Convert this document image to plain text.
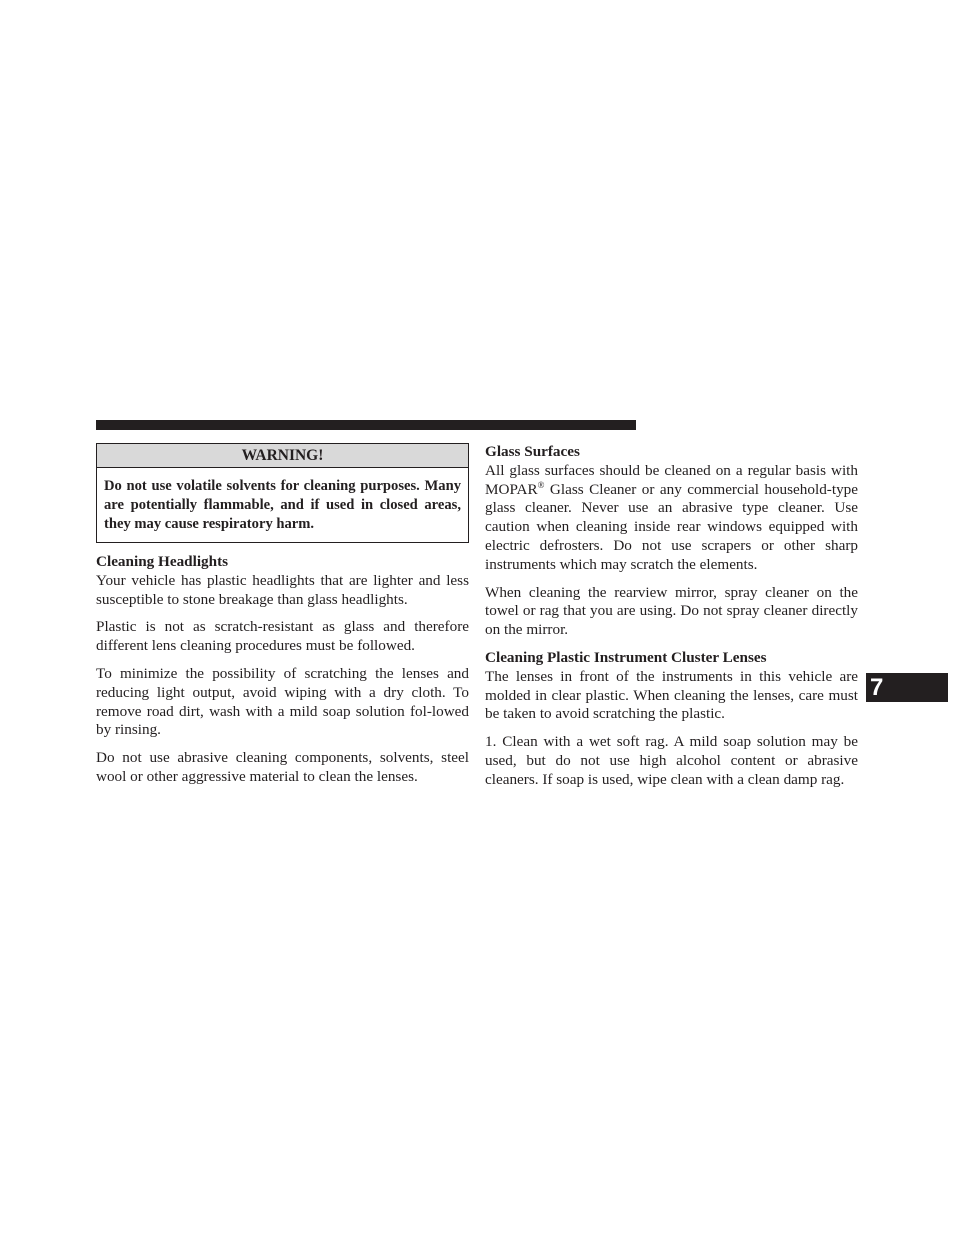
WARNING!
Do not use volatile solvents for cleaning purposes. Many are potentially flammable, and if used in closed areas, they may cause respiratory harm.
Cleaning Headlights

Your vehicle has plastic headlights that are lighter and less susceptible to stone breakage than glass headlights.

Plastic is not as scratch-resistant as glass and therefore different lens cleaning procedures must be followed.

To minimize the possibility of scratching the lenses and reducing light output, avoid wiping with a dry cloth. To remove road dirt, wash with a mild soap solution fol-lowed by rinsing.

Do not use abrasive cleaning components, solvents, steel wool or other aggressive material to clean the lenses.

Glass Surfaces

All glass surfaces should be cleaned on a regular basis with MOPAR® Glass Cleaner or any commercial household-type glass cleaner. Never use an abrasive type cleaner. Use caution when cleaning inside rear windows equipped with electric defrosters. Do not use scrapers or other sharp instruments which may scratch the elements.

When cleaning the rearview mirror, spray cleaner on the towel or rag that you are using. Do not spray cleaner directly on the mirror.

Cleaning Plastic Instrument Cluster Lenses

The lenses in front of the instruments in this vehicle are molded in clear plastic. When cleaning the lenses, care must be taken to avoid scratching the plastic.

1. Clean with a wet soft rag. A mild soap solution may be used, but do not use high alcohol content or abrasive cleaners. If soap is used, wipe clean with a clean damp rag.

7
